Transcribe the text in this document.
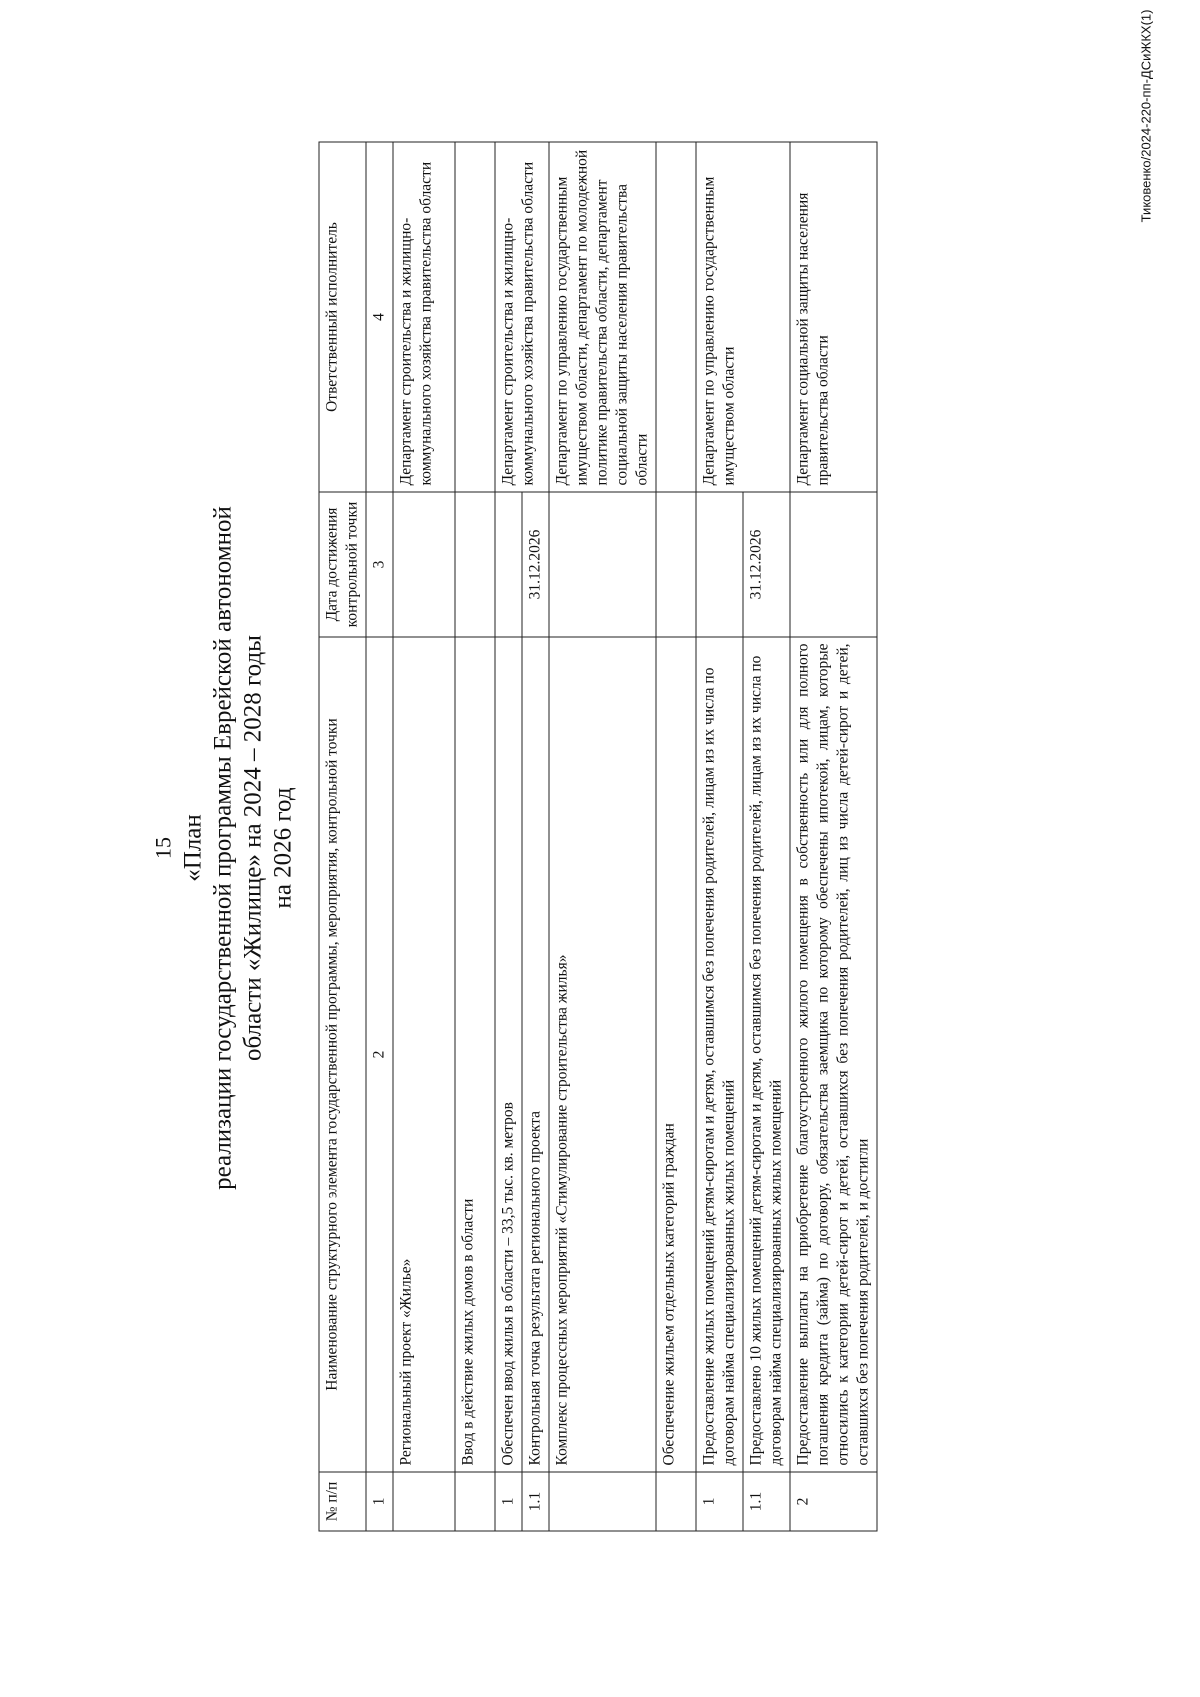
15 «План реализации государственной программы Еврейской автономной области «Жилище» на 2024 – 2028 годы на 2026 год
№ п/п	Наименование структурного элемента государственной программы, мероприятия, контрольной точки	Дата достижения контрольной точки	Ответственный исполнитель
1	2	3	4
	Региональный проект «Жилье»		Департамент строительства и жилищно-коммунального хозяйства правительства области
	Ввод в действие жилых домов в области		
1	Обеспечен ввод жилья в области – 33,5 тыс. кв. метров		Департамент строительства и жилищно-коммунального хозяйства правительства области
1.1	Контрольная точка результата регионального проекта	31.12.2026	
	Комплекс процессных мероприятий «Стимулирование строительства жилья»		Департамент по управлению государственным имуществом области, департамент по молодежной политике правительства области, департамент социальной защиты населения правительства области
	Обеспечение жильем отдельных категорий граждан		
1	Предоставление жилых помещений детям-сиротам и детям, оставшимся без попечения родителей, лицам из их числа по договорам найма специализированных жилых помещений		Департамент по управлению государственным имуществом области
1.1	Предоставлено 10 жилых помещений детям-сиротам и детям, оставшимся без попечения родителей, лицам из их числа по договорам найма специализированных жилых помещений	31.12.2026	
2	Предоставление выплаты на приобретение благоустроенного жилого помещения в собственность или для полного погашения кредита (займа) по договору, обязательства заемщика по которому обеспечены ипотекой, лицам, которые относились к категории детей-сирот и детей, оставшихся без попечения родителей, лиц из числа детей-сирот и детей, оставшихся без попечения родителей, и достигли		Департамент социальной защиты населения правительства области
Тиковенко/2024-220-пп-ДСиЖКХ(1)
